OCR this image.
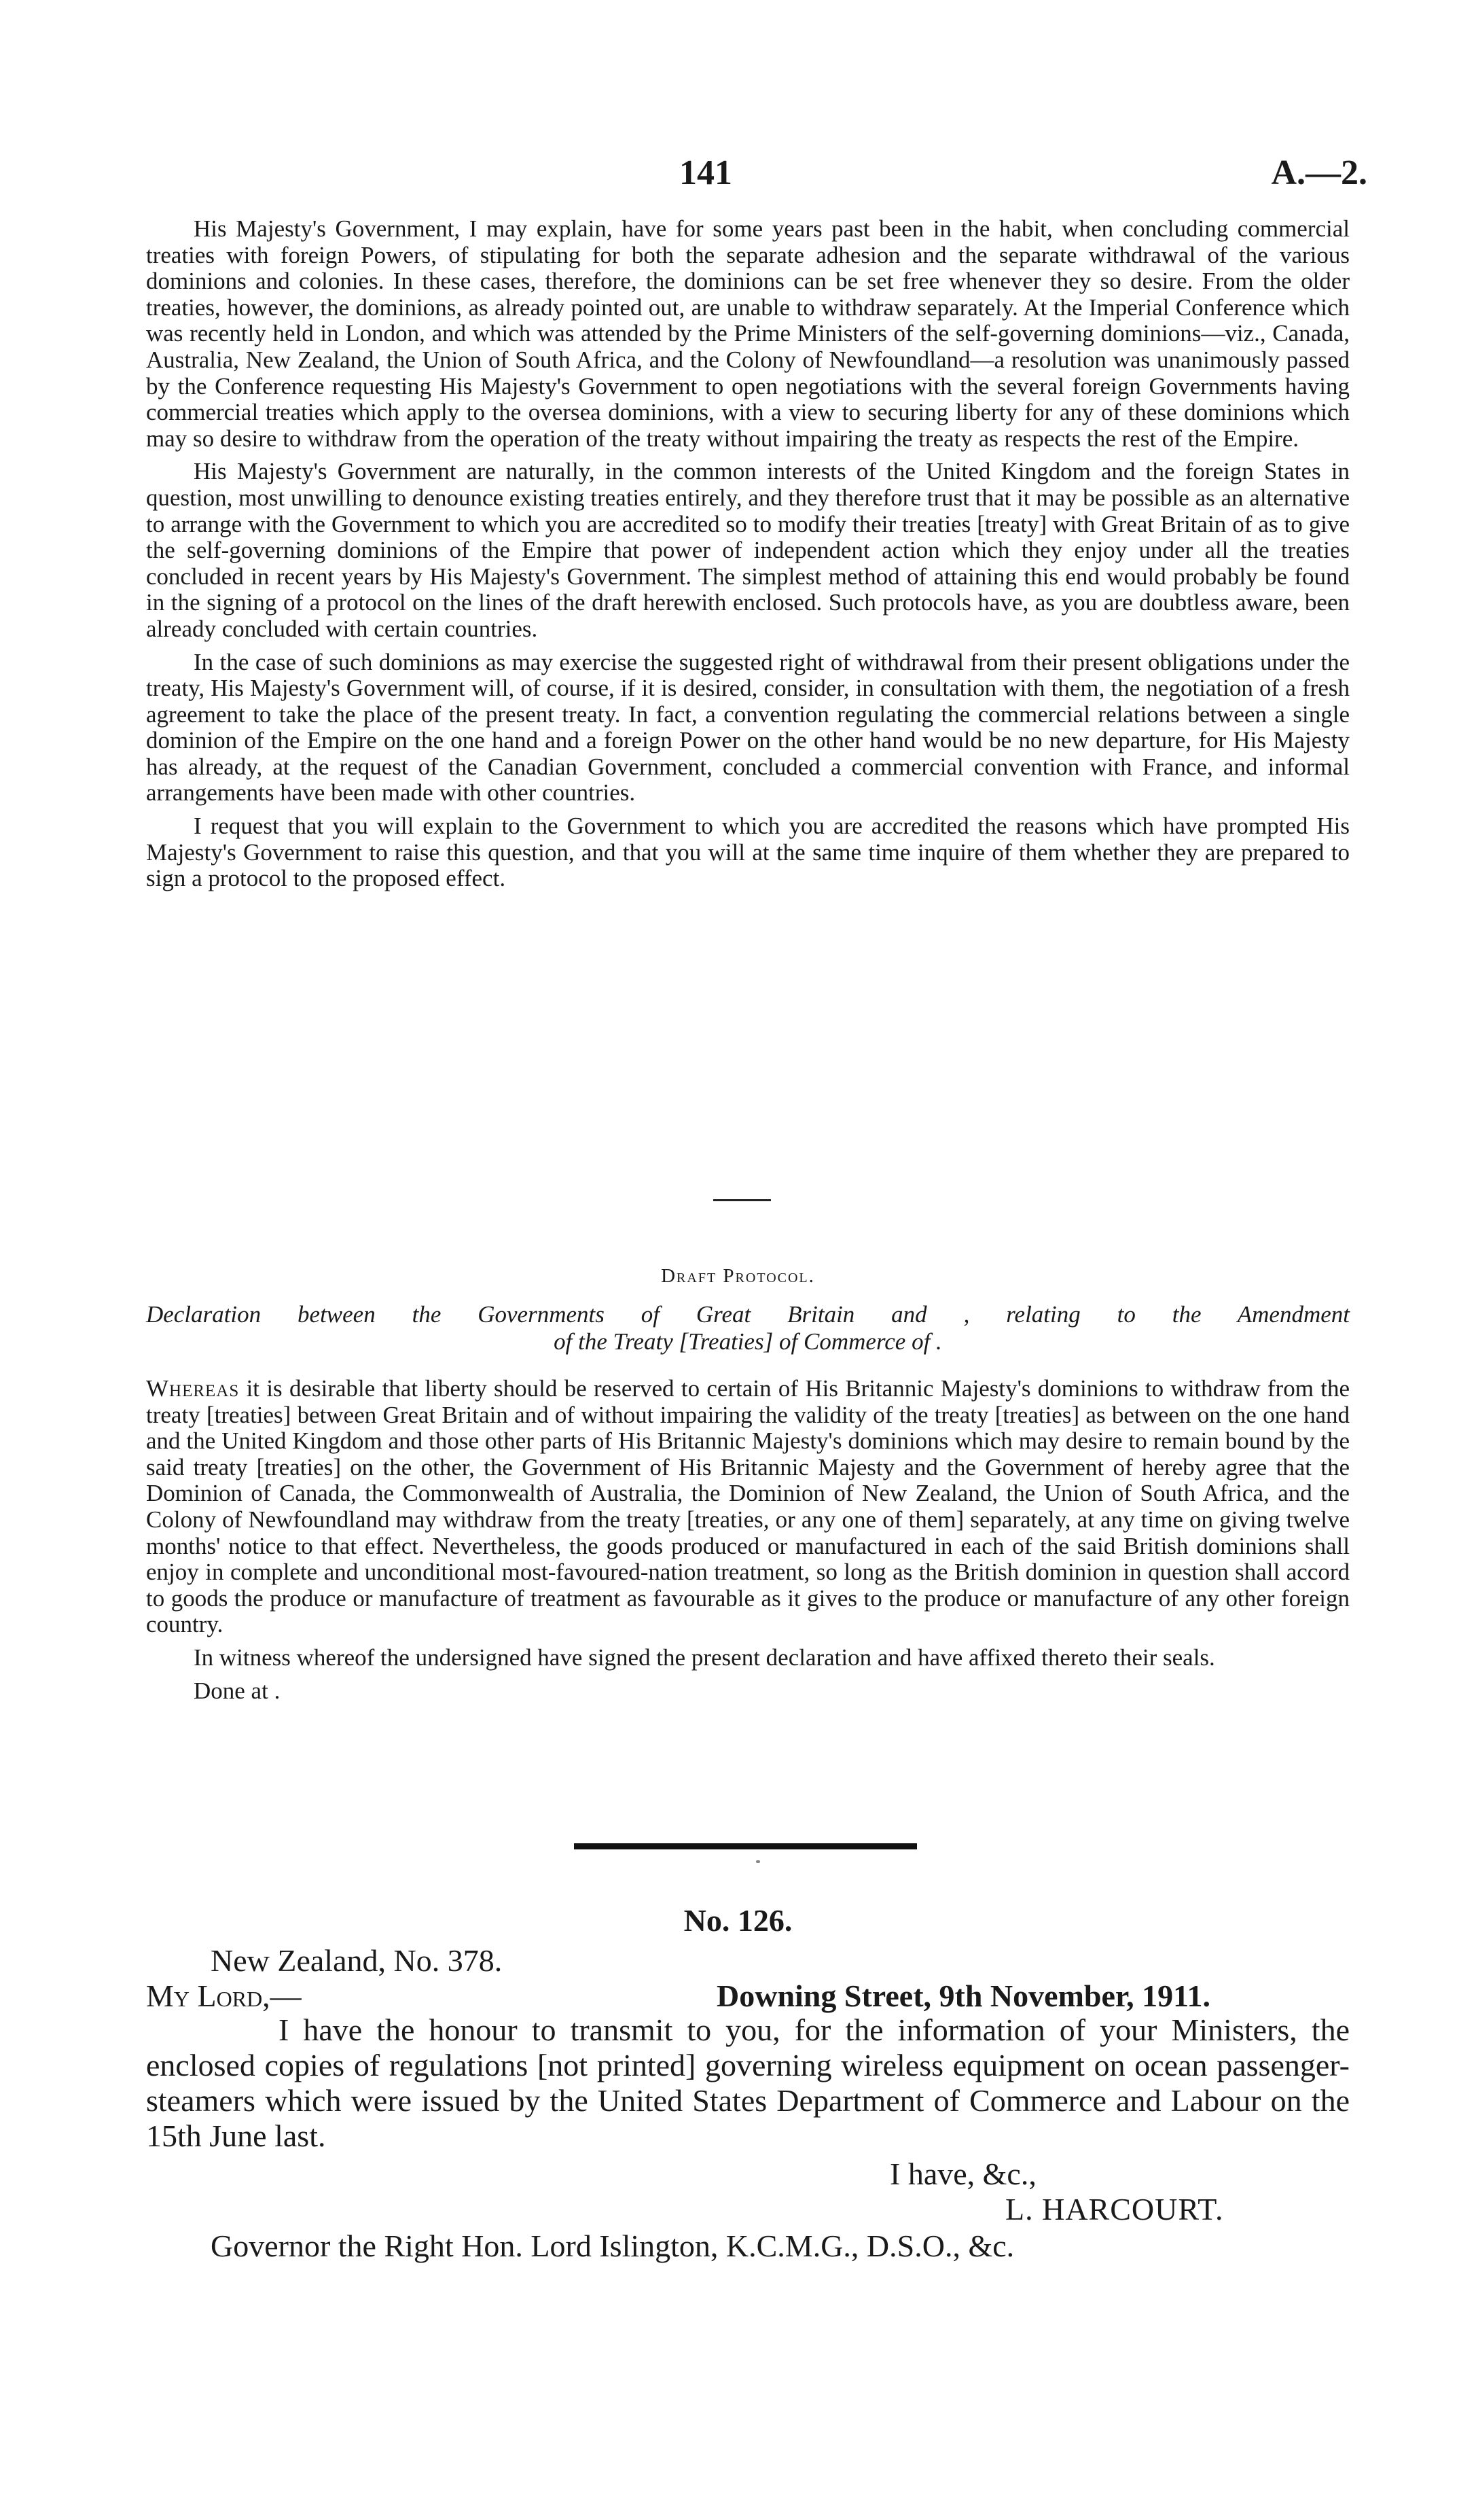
141	A.—2.

His Majesty's Government, I may explain, have for some years past been in the habit, when concluding commercial treaties with foreign Powers, of stipulating for both the separate adhesion and the separate withdrawal of the various dominions and colonies. In these cases, therefore, the dominions can be set free whenever they so desire. From the older treaties, however, the dominions, as already pointed out, are unable to withdraw separately. At the Imperial Conference which was recently held in London, and which was attended by the Prime Ministers of the self-governing dominions—viz., Canada, Australia, New Zealand, the Union of South Africa, and the Colony of Newfoundland—a resolution was unanimously passed by the Conference requesting His Majesty's Government to open negotiations with the several foreign Governments having commercial treaties which apply to the oversea dominions, with a view to securing liberty for any of these dominions which may so desire to withdraw from the operation of the treaty without impairing the treaty as respects the rest of the Empire.

His Majesty's Government are naturally, in the common interests of the United Kingdom and the foreign States in question, most unwilling to denounce existing treaties entirely, and they therefore trust that it may be possible as an alternative to arrange with the Government to which you are accredited so to modify their treaties [treaty] with Great Britain of as to give the self-governing dominions of the Empire that power of independent action which they enjoy under all the treaties concluded in recent years by His Majesty's Government. The simplest method of attaining this end would probably be found in the signing of a protocol on the lines of the draft herewith enclosed. Such protocols have, as you are doubtless aware, been already concluded with certain countries.

In the case of such dominions as may exercise the suggested right of withdrawal from their present obligations under the treaty, His Majesty's Government will, of course, if it is desired, consider, in consultation with them, the negotiation of a fresh agreement to take the place of the present treaty. In fact, a convention regulating the commercial relations between a single dominion of the Empire on the one hand and a foreign Power on the other hand would be no new departure, for His Majesty has already, at the request of the Canadian Government, concluded a commercial convention with France, and informal arrangements have been made with other countries.

I request that you will explain to the Government to which you are accredited the reasons which have prompted His Majesty's Government to raise this question, and that you will at the same time inquire of them whether they are prepared to sign a protocol to the proposed effect.

Draft Protocol.
Declaration between the Governments of Great Britain and , relating to the Amendment
of the Treaty [Treaties] of Commerce of .

Whereas it is desirable that liberty should be reserved to certain of His Britannic Majesty's dominions to withdraw from the treaty [treaties] between Great Britain and of without impairing the validity of the treaty [treaties] as between on the one hand and the United Kingdom and those other parts of His Britannic Majesty's dominions which may desire to remain bound by the said treaty [treaties] on the other, the Government of His Britannic Majesty and the Government of hereby agree that the Dominion of Canada, the Commonwealth of Australia, the Dominion of New Zealand, the Union of South Africa, and the Colony of Newfoundland may withdraw from the treaty [treaties, or any one of them] separately, at any time on giving twelve months' notice to that effect. Nevertheless, the goods produced or manufactured in each of the said British dominions shall enjoy in complete and unconditional most-favoured-nation treatment, so long as the British dominion in question shall accord to goods the produce or manufacture of treatment as favourable as it gives to the produce or manufacture of any other foreign country.

In witness whereof the undersigned have signed the present declaration and have affixed thereto their seals.

Done at .

No. 126.
New Zealand, No. 378.
My Lord,—	Downing Street, 9th November, 1911.

I have the honour to transmit to you, for the information of your Ministers, the enclosed copies of regulations [not printed] governing wireless equipment on ocean passenger-steamers which were issued by the United States Department of Commerce and Labour on the 15th June last.

I have, &c.,
L. HARCOURT.
Governor the Right Hon. Lord Islington, K.C.M.G., D.S.O., &c.
